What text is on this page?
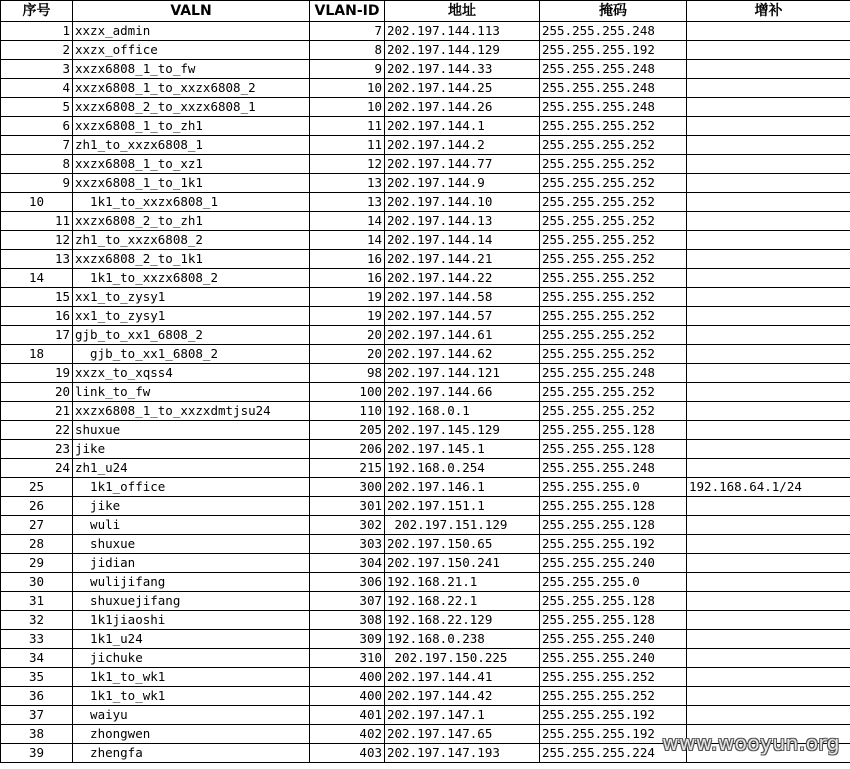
序号	VALN	VLAN-ID	地址	掩码	增补
1	xxzx_admin	7	202.197.144.113	255.255.255.248	
2	xxzx_office	8	202.197.144.129	255.255.255.192	
3	xxzx6808_1_to_fw	9	202.197.144.33	255.255.255.248	
4	xxzx6808_1_to_xxzx6808_2	10	202.197.144.25	255.255.255.248	
5	xxzx6808_2_to_xxzx6808_1	10	202.197.144.26	255.255.255.248	
6	xxzx6808_1_to_zh1	11	202.197.144.1	255.255.255.252	
7	zh1_to_xxzx6808_1	11	202.197.144.2	255.255.255.252	
8	xxzx6808_1_to_xz1	12	202.197.144.77	255.255.255.252	
9	xxzx6808_1_to_1k1	13	202.197.144.9	255.255.255.252	
10	1k1_to_xxzx6808_1	13	202.197.144.10	255.255.255.252	
11	xxzx6808_2_to_zh1	14	202.197.144.13	255.255.255.252	
12	zh1_to_xxzx6808_2	14	202.197.144.14	255.255.255.252	
13	xxzx6808_2_to_1k1	16	202.197.144.21	255.255.255.252	
14	1k1_to_xxzx6808_2	16	202.197.144.22	255.255.255.252	
15	xx1_to_zysy1	19	202.197.144.58	255.255.255.252	
16	xx1_to_zysy1	19	202.197.144.57	255.255.255.252	
17	gjb_to_xx1_6808_2	20	202.197.144.61	255.255.255.252	
18	gjb_to_xx1_6808_2	20	202.197.144.62	255.255.255.252	
19	xxzx_to_xqss4	98	202.197.144.121	255.255.255.248	
20	link_to_fw	100	202.197.144.66	255.255.255.252	
21	xxzx6808_1_to_xxzxdmtjsu24	110	192.168.0.1	255.255.255.252	
22	shuxue	205	202.197.145.129	255.255.255.128	
23	jike	206	202.197.145.1	255.255.255.128	
24	zh1_u24	215	192.168.0.254	255.255.255.248	
25	1k1_office	300	202.197.146.1	255.255.255.0	192.168.64.1/24
26	jike	301	202.197.151.1	255.255.255.128	
27	wuli	302	202.197.151.129	255.255.255.128	
28	shuxue	303	202.197.150.65	255.255.255.192	
29	jidian	304	202.197.150.241	255.255.255.240	
30	wulijifang	306	192.168.21.1	255.255.255.0	
31	shuxuejifang	307	192.168.22.1	255.255.255.128	
32	1k1jiaoshi	308	192.168.22.129	255.255.255.128	
33	1k1_u24	309	192.168.0.238	255.255.255.240	
34	jichuke	310	202.197.150.225	255.255.255.240	
35	1k1_to_wk1	400	202.197.144.41	255.255.255.252	
36	1k1_to_wk1	400	202.197.144.42	255.255.255.252	
37	waiyu	401	202.197.147.1	255.255.255.192	
38	zhongwen	402	202.197.147.65	255.255.255.192	
39	zhengfa	403	202.197.147.193	255.255.255.224	www.wooyun.org
